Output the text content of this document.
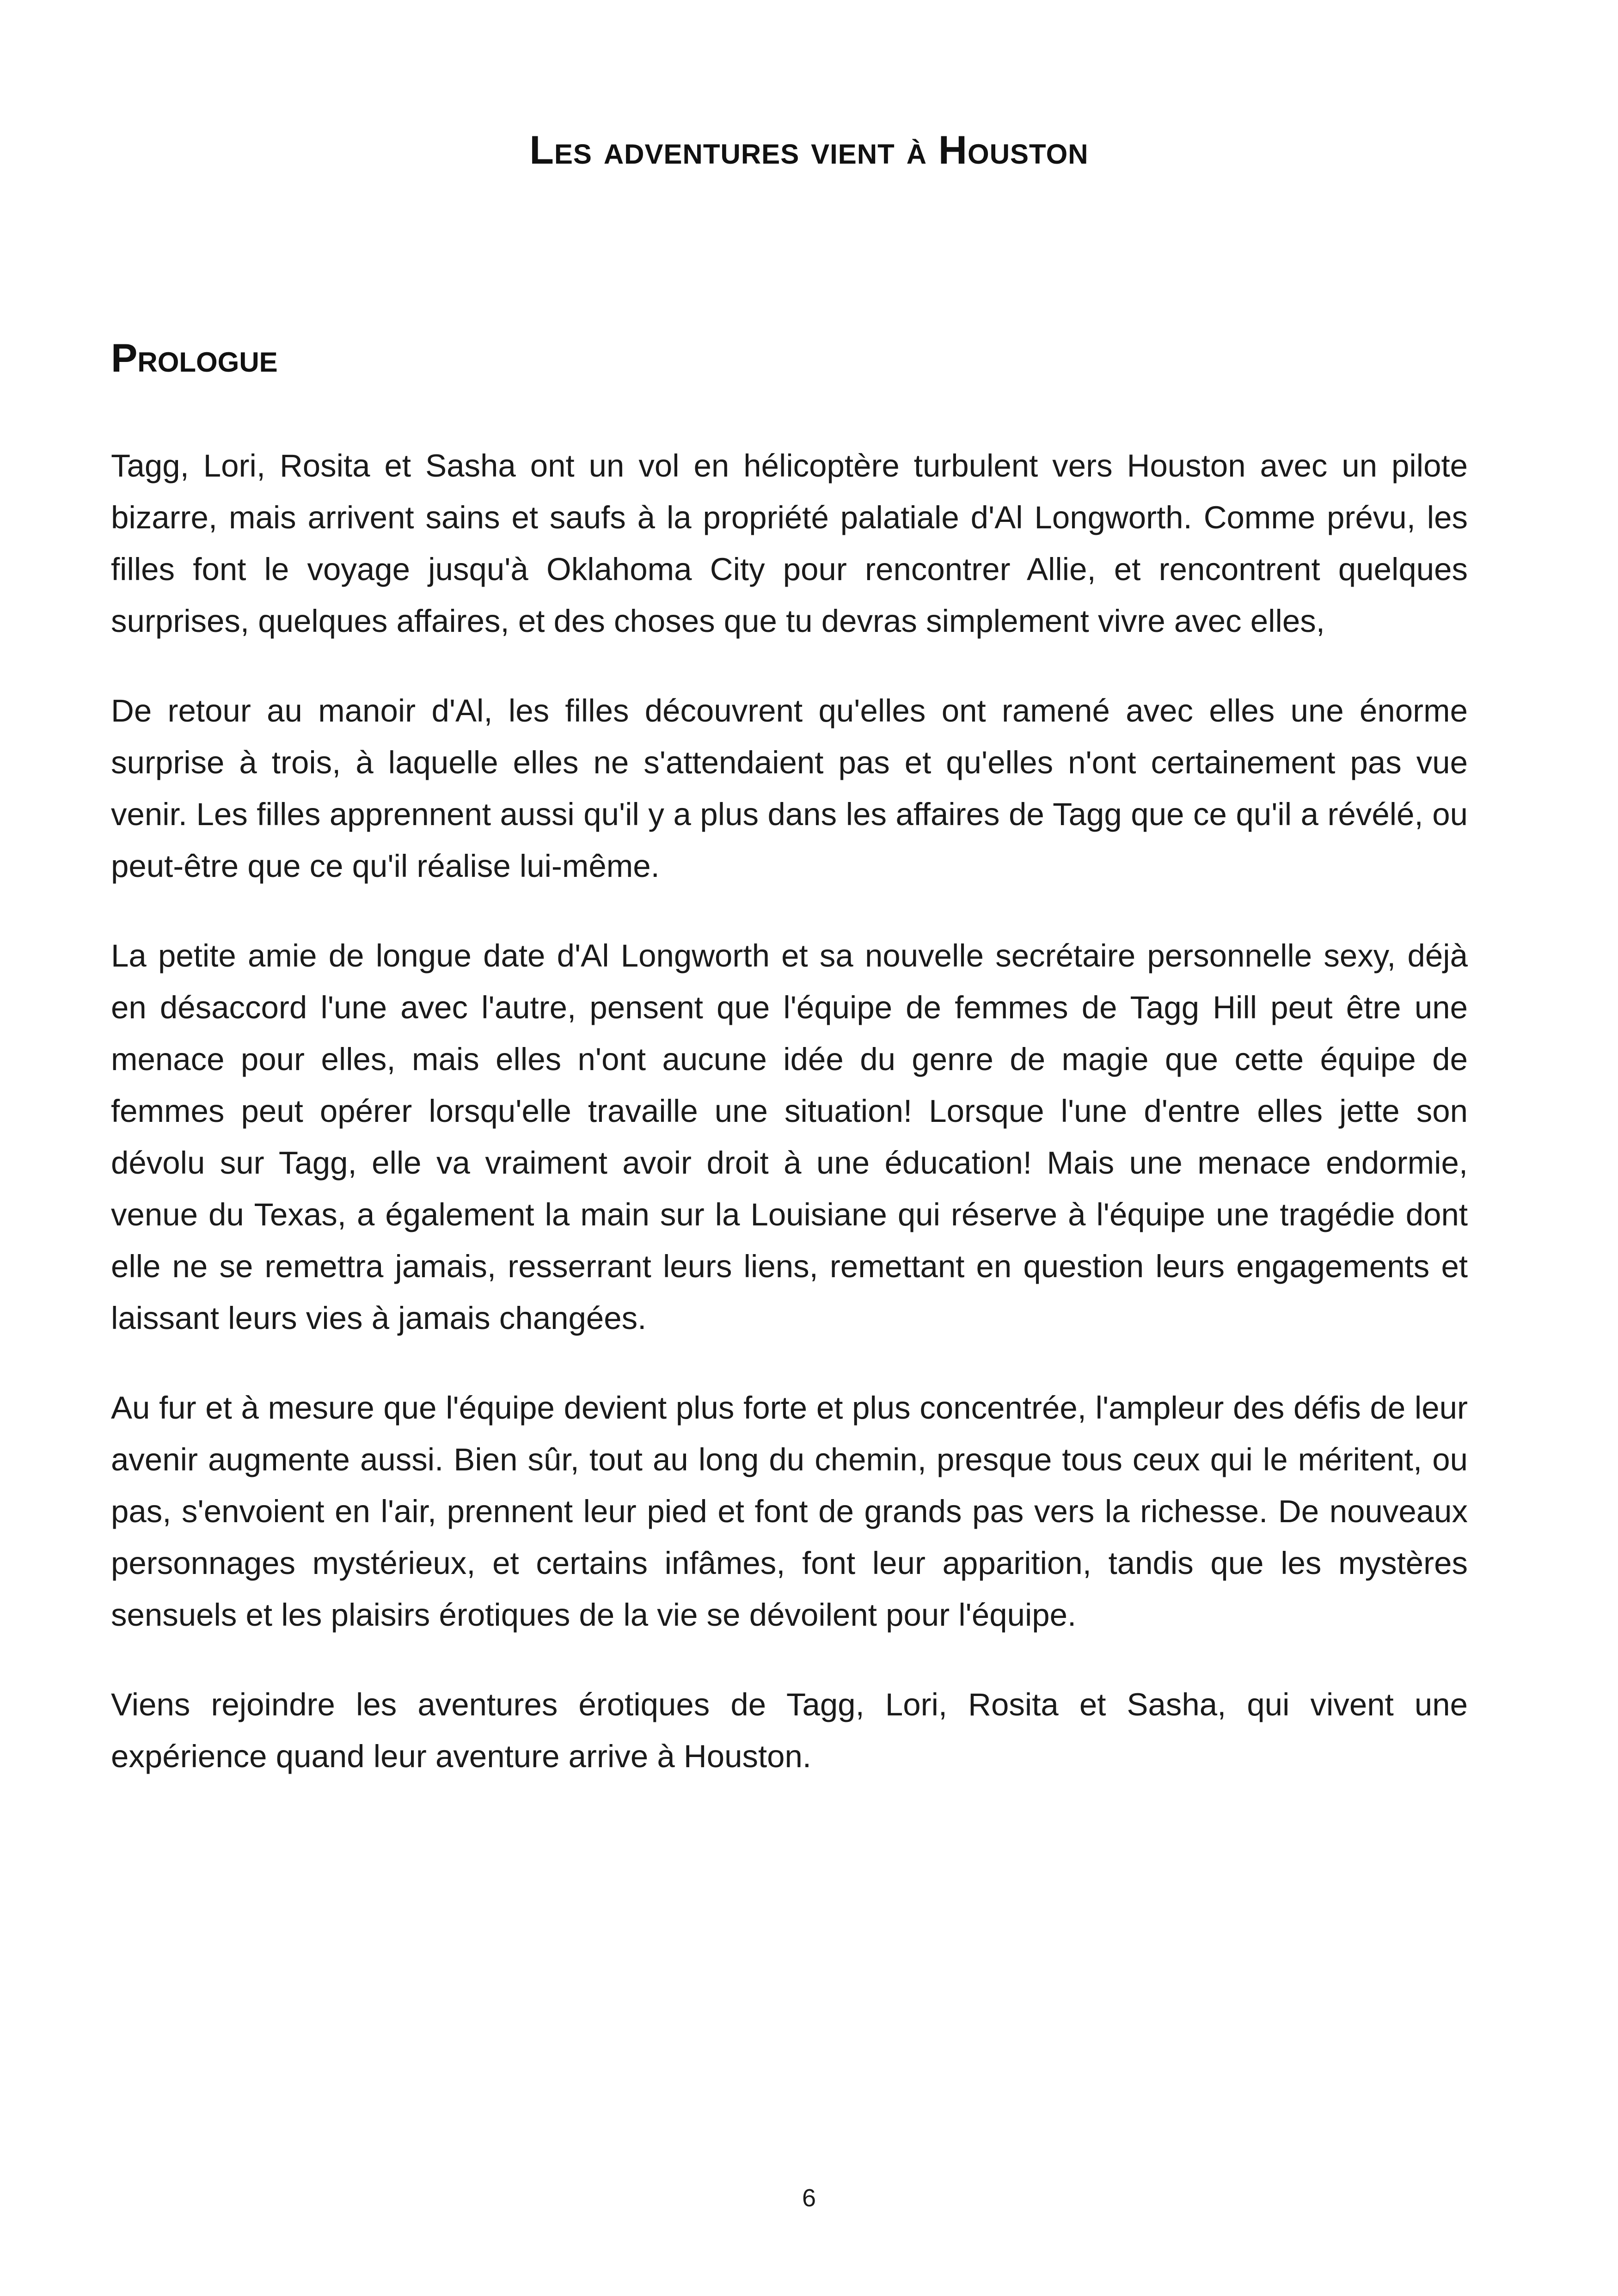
Les adventures vient à Houston
Prologue

Tagg, Lori, Rosita et Sasha ont un vol en hélicoptère turbulent vers Houston avec un pilote bizarre, mais arrivent sains et saufs à la propriété palatiale d'Al Longworth. Comme prévu, les filles font le voyage jusqu'à Oklahoma City pour rencontrer Allie, et rencontrent quelques surprises, quelques affaires, et des choses que tu devras simplement vivre avec elles,

De retour au manoir d'Al, les filles découvrent qu'elles ont ramené avec elles une énorme surprise à trois, à laquelle elles ne s'attendaient pas et qu'elles n'ont certainement pas vue venir. Les filles apprennent aussi qu'il y a plus dans les affaires de Tagg que ce qu'il a révélé, ou peut-être que ce qu'il réalise lui-même.

La petite amie de longue date d'Al Longworth et sa nouvelle secrétaire personnelle sexy, déjà en désaccord l'une avec l'autre, pensent que l'équipe de femmes de Tagg Hill peut être une menace pour elles, mais elles n'ont aucune idée du genre de magie que cette équipe de femmes peut opérer lorsqu'elle travaille une situation! Lorsque l'une d'entre elles jette son dévolu sur Tagg, elle va vraiment avoir droit à une éducation! Mais une menace endormie, venue du Texas, a également la main sur la Louisiane qui réserve à l'équipe une tragédie dont elle ne se remettra jamais, resserrant leurs liens, remettant en question leurs engagements et laissant leurs vies à jamais changées.

Au fur et à mesure que l'équipe devient plus forte et plus concentrée, l'ampleur des défis de leur avenir augmente aussi. Bien sûr, tout au long du chemin, presque tous ceux qui le méritent, ou pas, s'envoient en l'air, prennent leur pied et font de grands pas vers la richesse. De nouveaux personnages mystérieux, et certains infâmes, font leur apparition, tandis que les mystères sensuels et les plaisirs érotiques de la vie se dévoilent pour l'équipe.

Viens rejoindre les aventures érotiques de Tagg, Lori, Rosita et Sasha, qui vivent une expérience quand leur aventure arrive à Houston.

6
